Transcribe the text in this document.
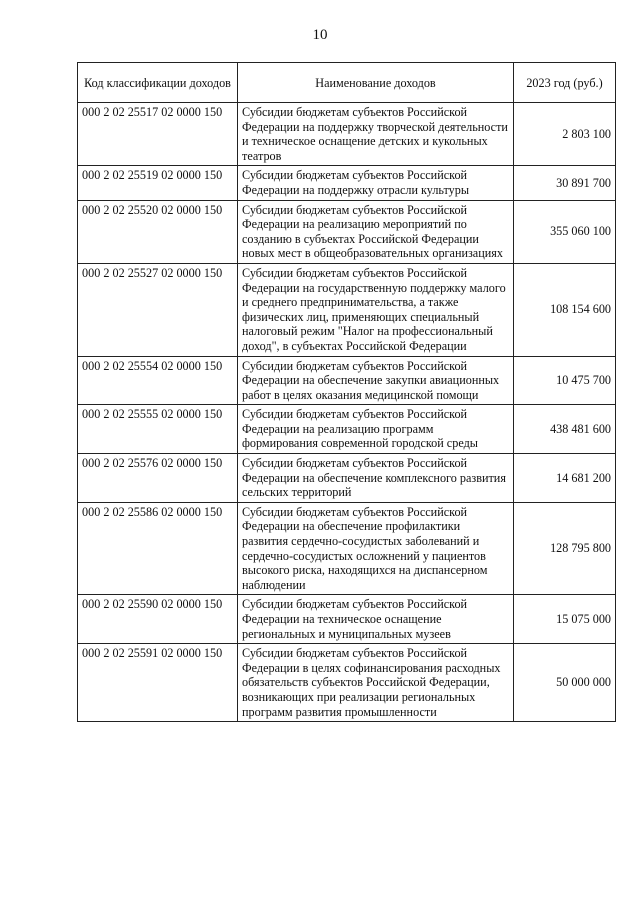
10
Код классификации доходов	Наименование доходов	2023 год (руб.)
000 2 02 25517 02 0000 150	Субсидии бюджетам субъектов Российской Федерации на поддержку творческой деятельности и техническое оснащение детских и кукольных театров	2 803 100
000 2 02 25519 02 0000 150	Субсидии бюджетам субъектов Российской Федерации на поддержку отрасли культуры	30 891 700
000 2 02 25520 02 0000 150	Субсидии бюджетам субъектов Российской Федерации на реализацию мероприятий по созданию в субъектах Российской Федерации новых мест в общеобразовательных организациях	355 060 100
000 2 02 25527 02 0000 150	Субсидии бюджетам субъектов Российской Федерации на государственную поддержку малого и среднего предпринимательства, а также физических лиц, применяющих специальный налоговый режим "Налог на профессиональный доход", в субъектах Российской Федерации	108 154 600
000 2 02 25554 02 0000 150	Субсидии бюджетам субъектов Российской Федерации на обеспечение закупки авиационных работ в целях оказания медицинской помощи	10 475 700
000 2 02 25555 02 0000 150	Субсидии бюджетам субъектов Российской Федерации на реализацию программ формирования современной городской среды	438 481 600
000 2 02 25576 02 0000 150	Субсидии бюджетам субъектов Российской Федерации на обеспечение комплексного развития сельских территорий	14 681 200
000 2 02 25586 02 0000 150	Субсидии бюджетам субъектов Российской Федерации на обеспечение профилактики развития сердечно-сосудистых заболеваний и сердечно-сосудистых осложнений у пациентов высокого риска, находящихся на диспансерном наблюдении	128 795 800
000 2 02 25590 02 0000 150	Субсидии бюджетам субъектов Российской Федерации на техническое оснащение региональных и муниципальных музеев	15 075 000
000 2 02 25591 02 0000 150	Субсидии бюджетам субъектов Российской Федерации в целях софинансирования расходных обязательств субъектов Российской Федерации, возникающих при реализации региональных программ развития промышленности	50 000 000
